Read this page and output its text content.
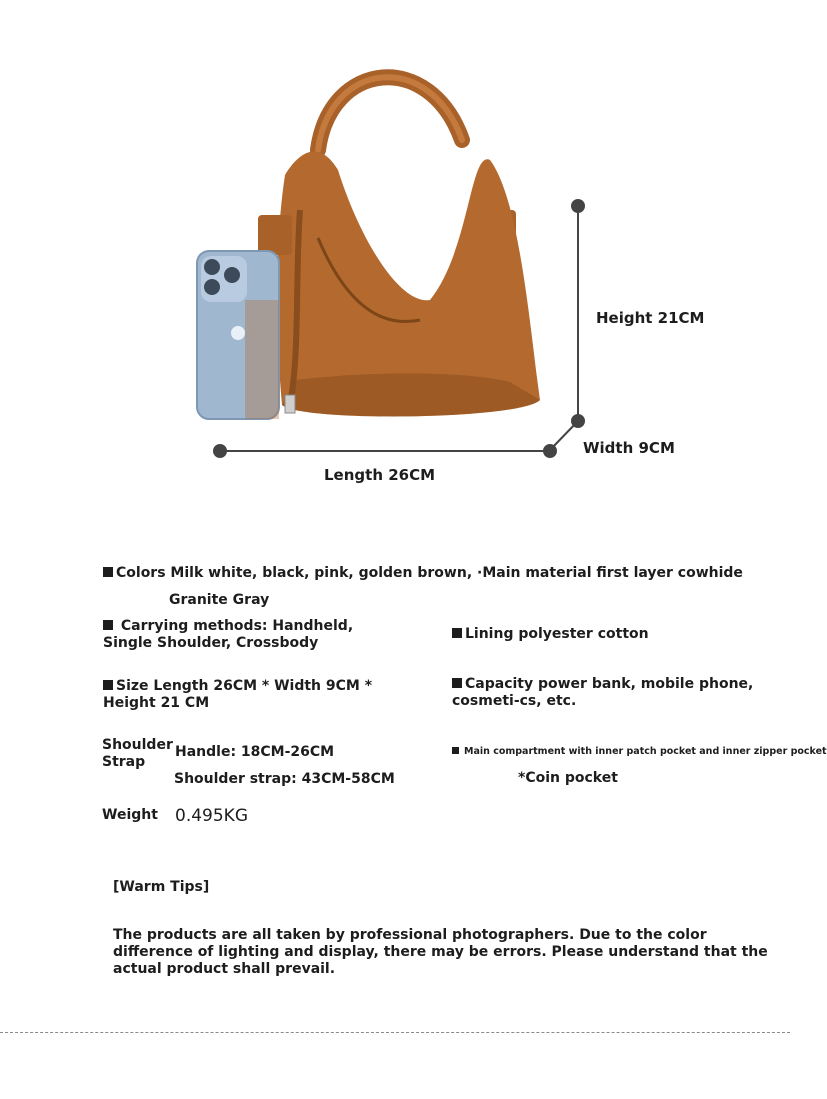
Height 21CM
Width 9CM
Length 26CM
Colors Milk white, black, pink, golden brown, ·Main material first layer cowhide
Granite Gray
Carrying methods: Handheld, Single Shoulder, Crossbody
Lining polyester cotton
Size Length 26CM * Width 9CM * Height 21 CM
Capacity power bank, mobile phone, cosmeti-cs, etc.
Shoulder Strap
Handle: 18CM-26CM
Shoulder strap: 43CM-58CM
Main compartment with inner patch pocket and inner zipper pocket
*Coin pocket
Weight 0.495KG
[Warm Tips]
The products are all taken by professional photographers. Due to the color difference of lighting and display, there may be errors. Please understand that the actual product shall prevail.
